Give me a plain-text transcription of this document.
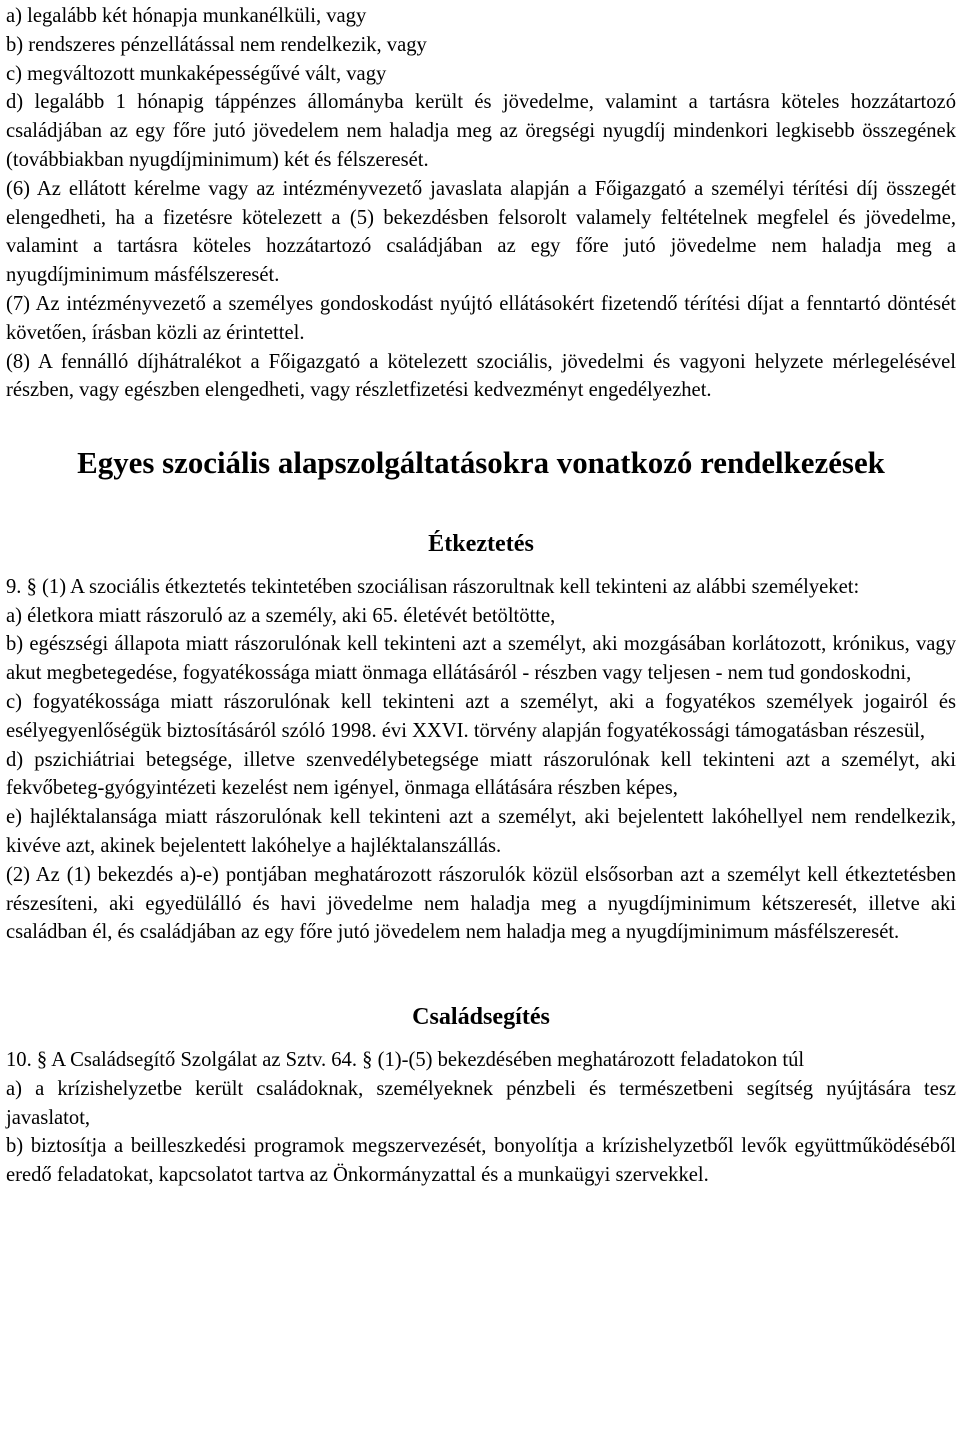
a) legalább két hónapja munkanélküli, vagy

b) rendszeres pénzellátással nem rendelkezik, vagy

c) megváltozott munkaképességűvé vált, vagy

d) legalább 1 hónapig táppénzes állományba került és jövedelme, valamint a tartásra köteles hozzátartozó családjában az egy főre jutó jövedelem nem haladja meg az öregségi nyugdíj mindenkori legkisebb összegének (továbbiakban nyugdíjminimum) két és félszeresét.

(6) Az ellátott kérelme vagy az intézményvezető javaslata alapján a Főigazgató a személyi térítési díj összegét elengedheti, ha a fizetésre kötelezett a (5) bekezdésben felsorolt valamely feltételnek megfelel és jövedelme, valamint a tartásra köteles hozzátartozó családjában az egy főre jutó jövedelme nem haladja meg a nyugdíjminimum másfélszeresét.

(7) Az intézményvezető a személyes gondoskodást nyújtó ellátásokért fizetendő térítési díjat a fenntartó döntését követően, írásban közli az érintettel.

(8) A fennálló díjhátralékot a Főigazgató a kötelezett szociális, jövedelmi és vagyoni helyzete mérlegelésével részben, vagy egészben elengedheti, vagy részletfizetési kedvezményt engedélyezhet.

Egyes szociális alapszolgáltatásokra vonatkozó rendelkezések
Étkeztetés

9. § (1) A szociális étkeztetés tekintetében szociálisan rászorultnak kell tekinteni az alábbi személyeket:

a) életkora miatt rászoruló az a személy, aki 65. életévét betöltötte,

b) egészségi állapota miatt rászorulónak kell tekinteni azt a személyt, aki mozgásában korlátozott, krónikus, vagy akut megbetegedése, fogyatékossága miatt önmaga ellátásáról - részben vagy teljesen - nem tud gondoskodni,

c) fogyatékossága miatt rászorulónak kell tekinteni azt a személyt, aki a fogyatékos személyek jogairól és esélyegyenlőségük biztosításáról szóló 1998. évi XXVI. törvény alapján fogyatékossági támogatásban részesül,

d) pszichiátriai betegsége, illetve szenvedélybetegsége miatt rászorulónak kell tekinteni azt a személyt, aki fekvőbeteg-gyógyintézeti kezelést nem igényel, önmaga ellátására részben képes,

e) hajléktalansága miatt rászorulónak kell tekinteni azt a személyt, aki bejelentett lakóhellyel nem rendelkezik, kivéve azt, akinek bejelentett lakóhelye a hajléktalanszállás.

(2) Az (1) bekezdés a)-e) pontjában meghatározott rászorulók közül elsősorban azt a személyt kell étkeztetésben részesíteni, aki egyedülálló és havi jövedelme nem haladja meg a nyugdíjminimum kétszeresét, illetve aki családban él, és családjában az egy főre jutó jövedelem nem haladja meg a nyugdíjminimum másfélszeresét.

Családsegítés

10. § A Családsegítő Szolgálat az Sztv. 64. § (1)-(5) bekezdésében meghatározott feladatokon túl

a) a krízishelyzetbe került családoknak, személyeknek pénzbeli és természetbeni segítség nyújtására tesz javaslatot,

b) biztosítja a beilleszkedési programok megszervezését, bonyolítja a krízishelyzetből levők együttműködéséből eredő feladatokat, kapcsolatot tartva az Önkormányzattal és a munkaügyi szervekkel.
